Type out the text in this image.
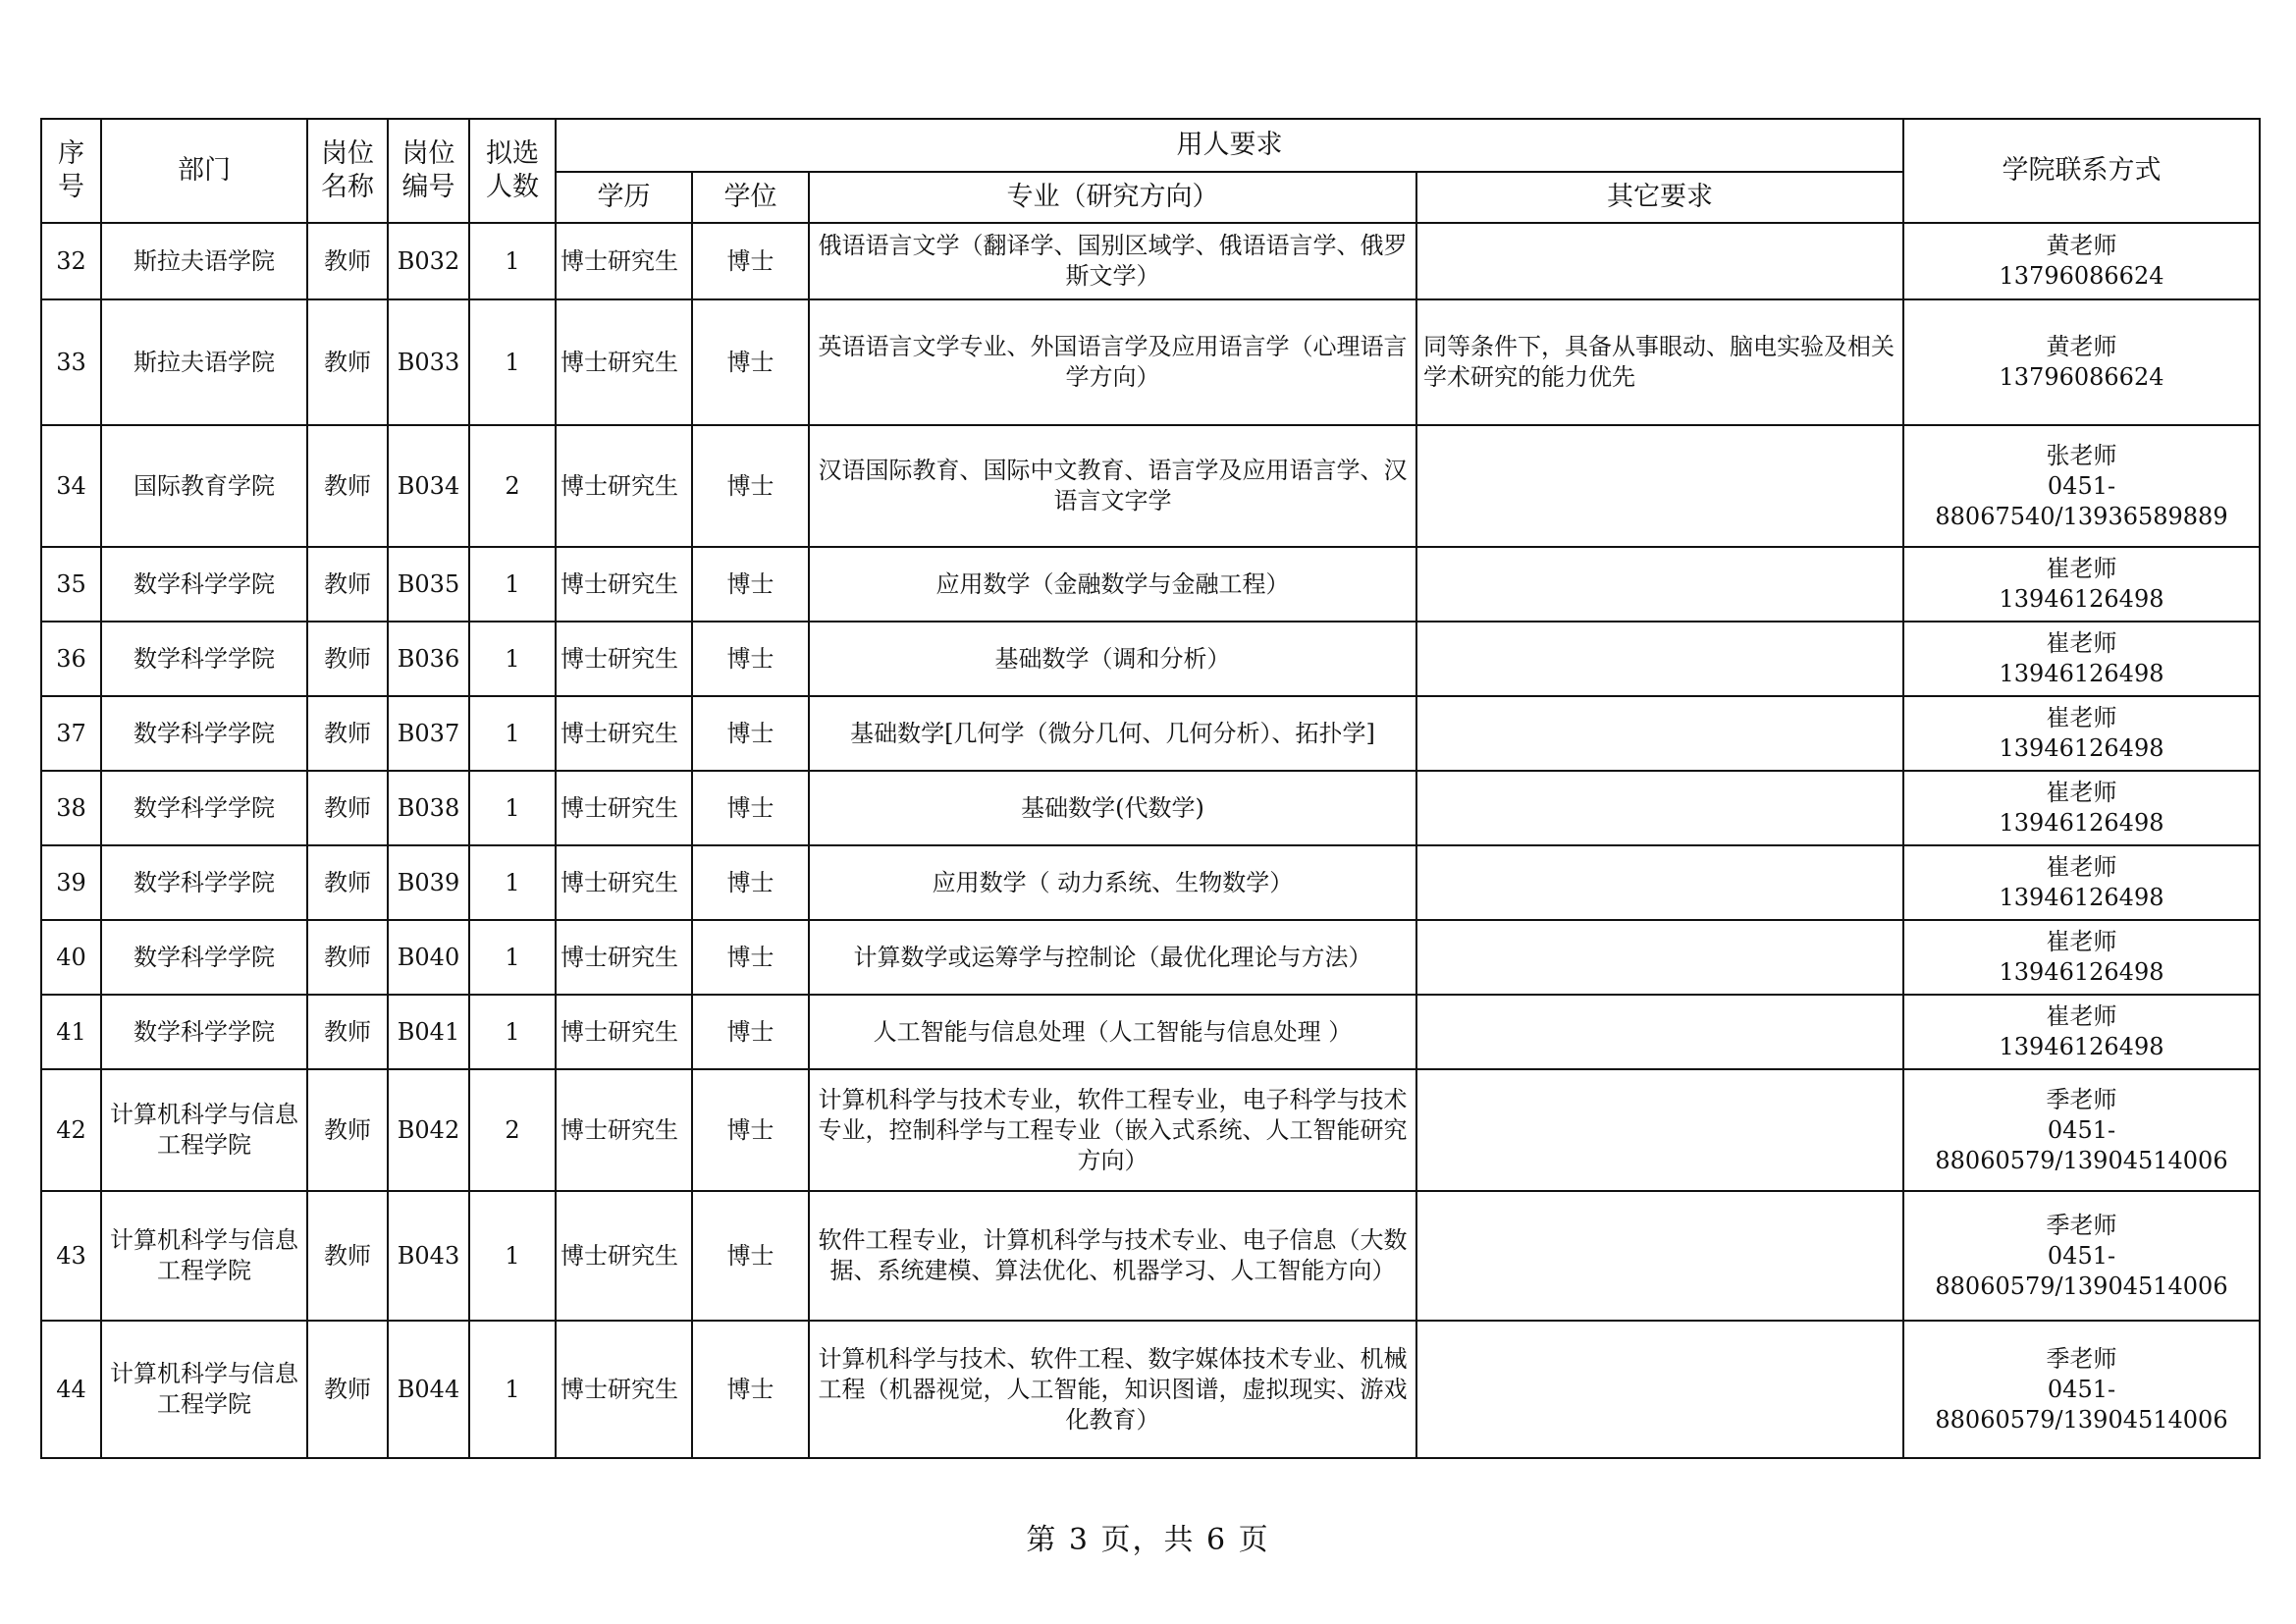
序号	部门	岗位名称	岗位编号	拟选人数	用人要求				学院联系方式
					学历	学位	专业（研究方向）	其它要求	
32	斯拉夫语学院	教师	B032	1	博士研究生	博士	俄语语言文学（翻译学、国别区域学、俄语语言学、俄罗斯文学）		黄老师
13796086624

33	斯拉夫语学院	教师	B033	1	博士研究生	博士	英语语言文学专业、外国语言学及应用语言学（心理语言学方向）	同等条件下，具备从事眼动、脑电实验及相关学术研究的能力优先	黄老师
13796086624

34	国际教育学院	教师	B034	2	博士研究生	博士	汉语国际教育、国际中文教育、语言学及应用语言学、汉语言文字学		张老师
0451-88067540/13936589889

35	数学科学学院	教师	B035	1	博士研究生	博士	应用数学（金融数学与金融工程）		崔老师
13946126498

36	数学科学学院	教师	B036	1	博士研究生	博士	基础数学（调和分析）		崔老师
13946126498

37	数学科学学院	教师	B037	1	博士研究生	博士	基础数学[几何学（微分几何、几何分析）、拓扑学]		崔老师
13946126498

38	数学科学学院	教师	B038	1	博士研究生	博士	基础数学(代数学)		崔老师
13946126498

39	数学科学学院	教师	B039	1	博士研究生	博士	应用数学（ 动力系统、生物数学）		崔老师
13946126498

40	数学科学学院	教师	B040	1	博士研究生	博士	计算数学或运筹学与控制论（最优化理论与方法）		崔老师
13946126498

41	数学科学学院	教师	B041	1	博士研究生	博士	人工智能与信息处理（人工智能与信息处理 ）		崔老师
13946126498

42	计算机科学与信息工程学院	教师	B042	2	博士研究生	博士	计算机科学与技术专业，软件工程专业，电子科学与技术专业，控制科学与工程专业（嵌入式系统、人工智能研究方向）		季老师
0451-88060579/13904514006

43	计算机科学与信息工程学院	教师	B043	1	博士研究生	博士	软件工程专业，计算机科学与技术专业、电子信息（大数据、系统建模、算法优化、机器学习、人工智能方向）		季老师
0451-88060579/13904514006

44	计算机科学与信息工程学院	教师	B044	1	博士研究生	博士	计算机科学与技术、软件工程、数字媒体技术专业、机械工程（机器视觉，人工智能，知识图谱，虚拟现实、游戏化教育）		季老师
0451-88060579/13904514006
第 3 页，共 6 页
